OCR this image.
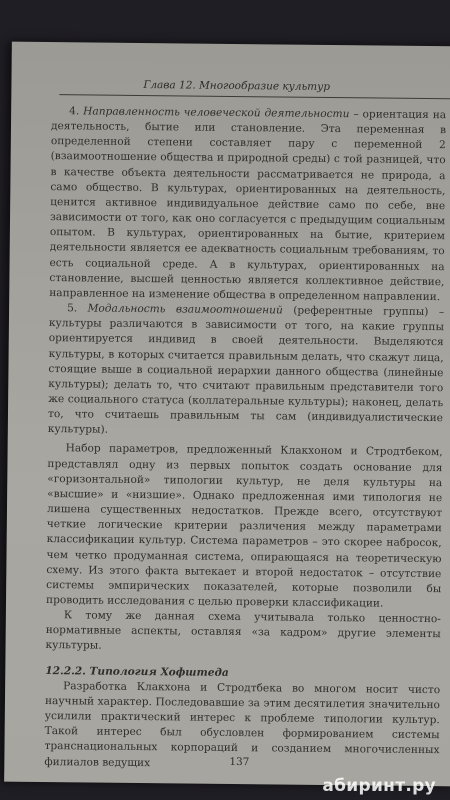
Глава 12. Многообразие культур

4. Направленность человеческой деятельности – ориентация на деятельность, бытие или становление. Эта переменная в определенной степени составляет пару с переменной 2 (взаимоотношение общества и природной среды) с той разницей, что в качестве объекта деятельности рассматривается не природа, а само общество. В культурах, ориентированных на деятельность, ценится активное индивидуальное действие само по себе, вне зависимости от того, как оно согласуется с предыдущим социальным опытом. В культурах, ориентированных на бытие, критерием деятельности является ее адекватность социальным требованиям, то есть социальной среде. А в культурах, ориентированных на становление, высшей ценностью является коллективное действие, направленное на изменение общества в определенном направлении.

5. Модальность взаимоотношений (референтные группы) – культуры различаются в зависимости от того, на какие группы ориентируется индивид в своей деятельности. Выделяются культуры, в которых считается правильным делать, что скажут лица, стоящие выше в социальной иерархии данного общества (линейные культуры); делать то, что считают правильным представители того же социального статуса (коллатеральные культуры); наконец, делать то, что считаешь правильным ты сам (индивидуалистические культуры).

Набор параметров, предложенный Клакхоном и Стродтбеком, представлял одну из первых попыток создать основание для «горизонтальной» типологии культур, не деля культуры на «высшие» и «низшие». Однако предложенная ими типология не лишена существенных недостатков. Прежде всего, отсутствуют четкие логические критерии различения между параметрами классификации культур. Система параметров – это скорее набросок, чем четко продуманная система, опирающаяся на теоретическую схему. Из этого факта вытекает и второй недостаток – отсутствие системы эмпирических показателей, которые позволили бы проводить исследования с целью проверки классификации.

К тому же данная схема учитывала только ценностно-нормативные аспекты, оставляя «за кадром» другие элементы культуры.

12.2.2. Типология Хофштеда

Разработка Клакхона и Стродтбека во многом носит чисто научный характер. Последовавшие за этим десятилетия значительно усилили практический интерес к проблеме типологии культур. Такой интерес был обусловлен формированием системы транснациональных корпораций и созданием многочисленных филиалов ведущих	137
абиринт.ру
